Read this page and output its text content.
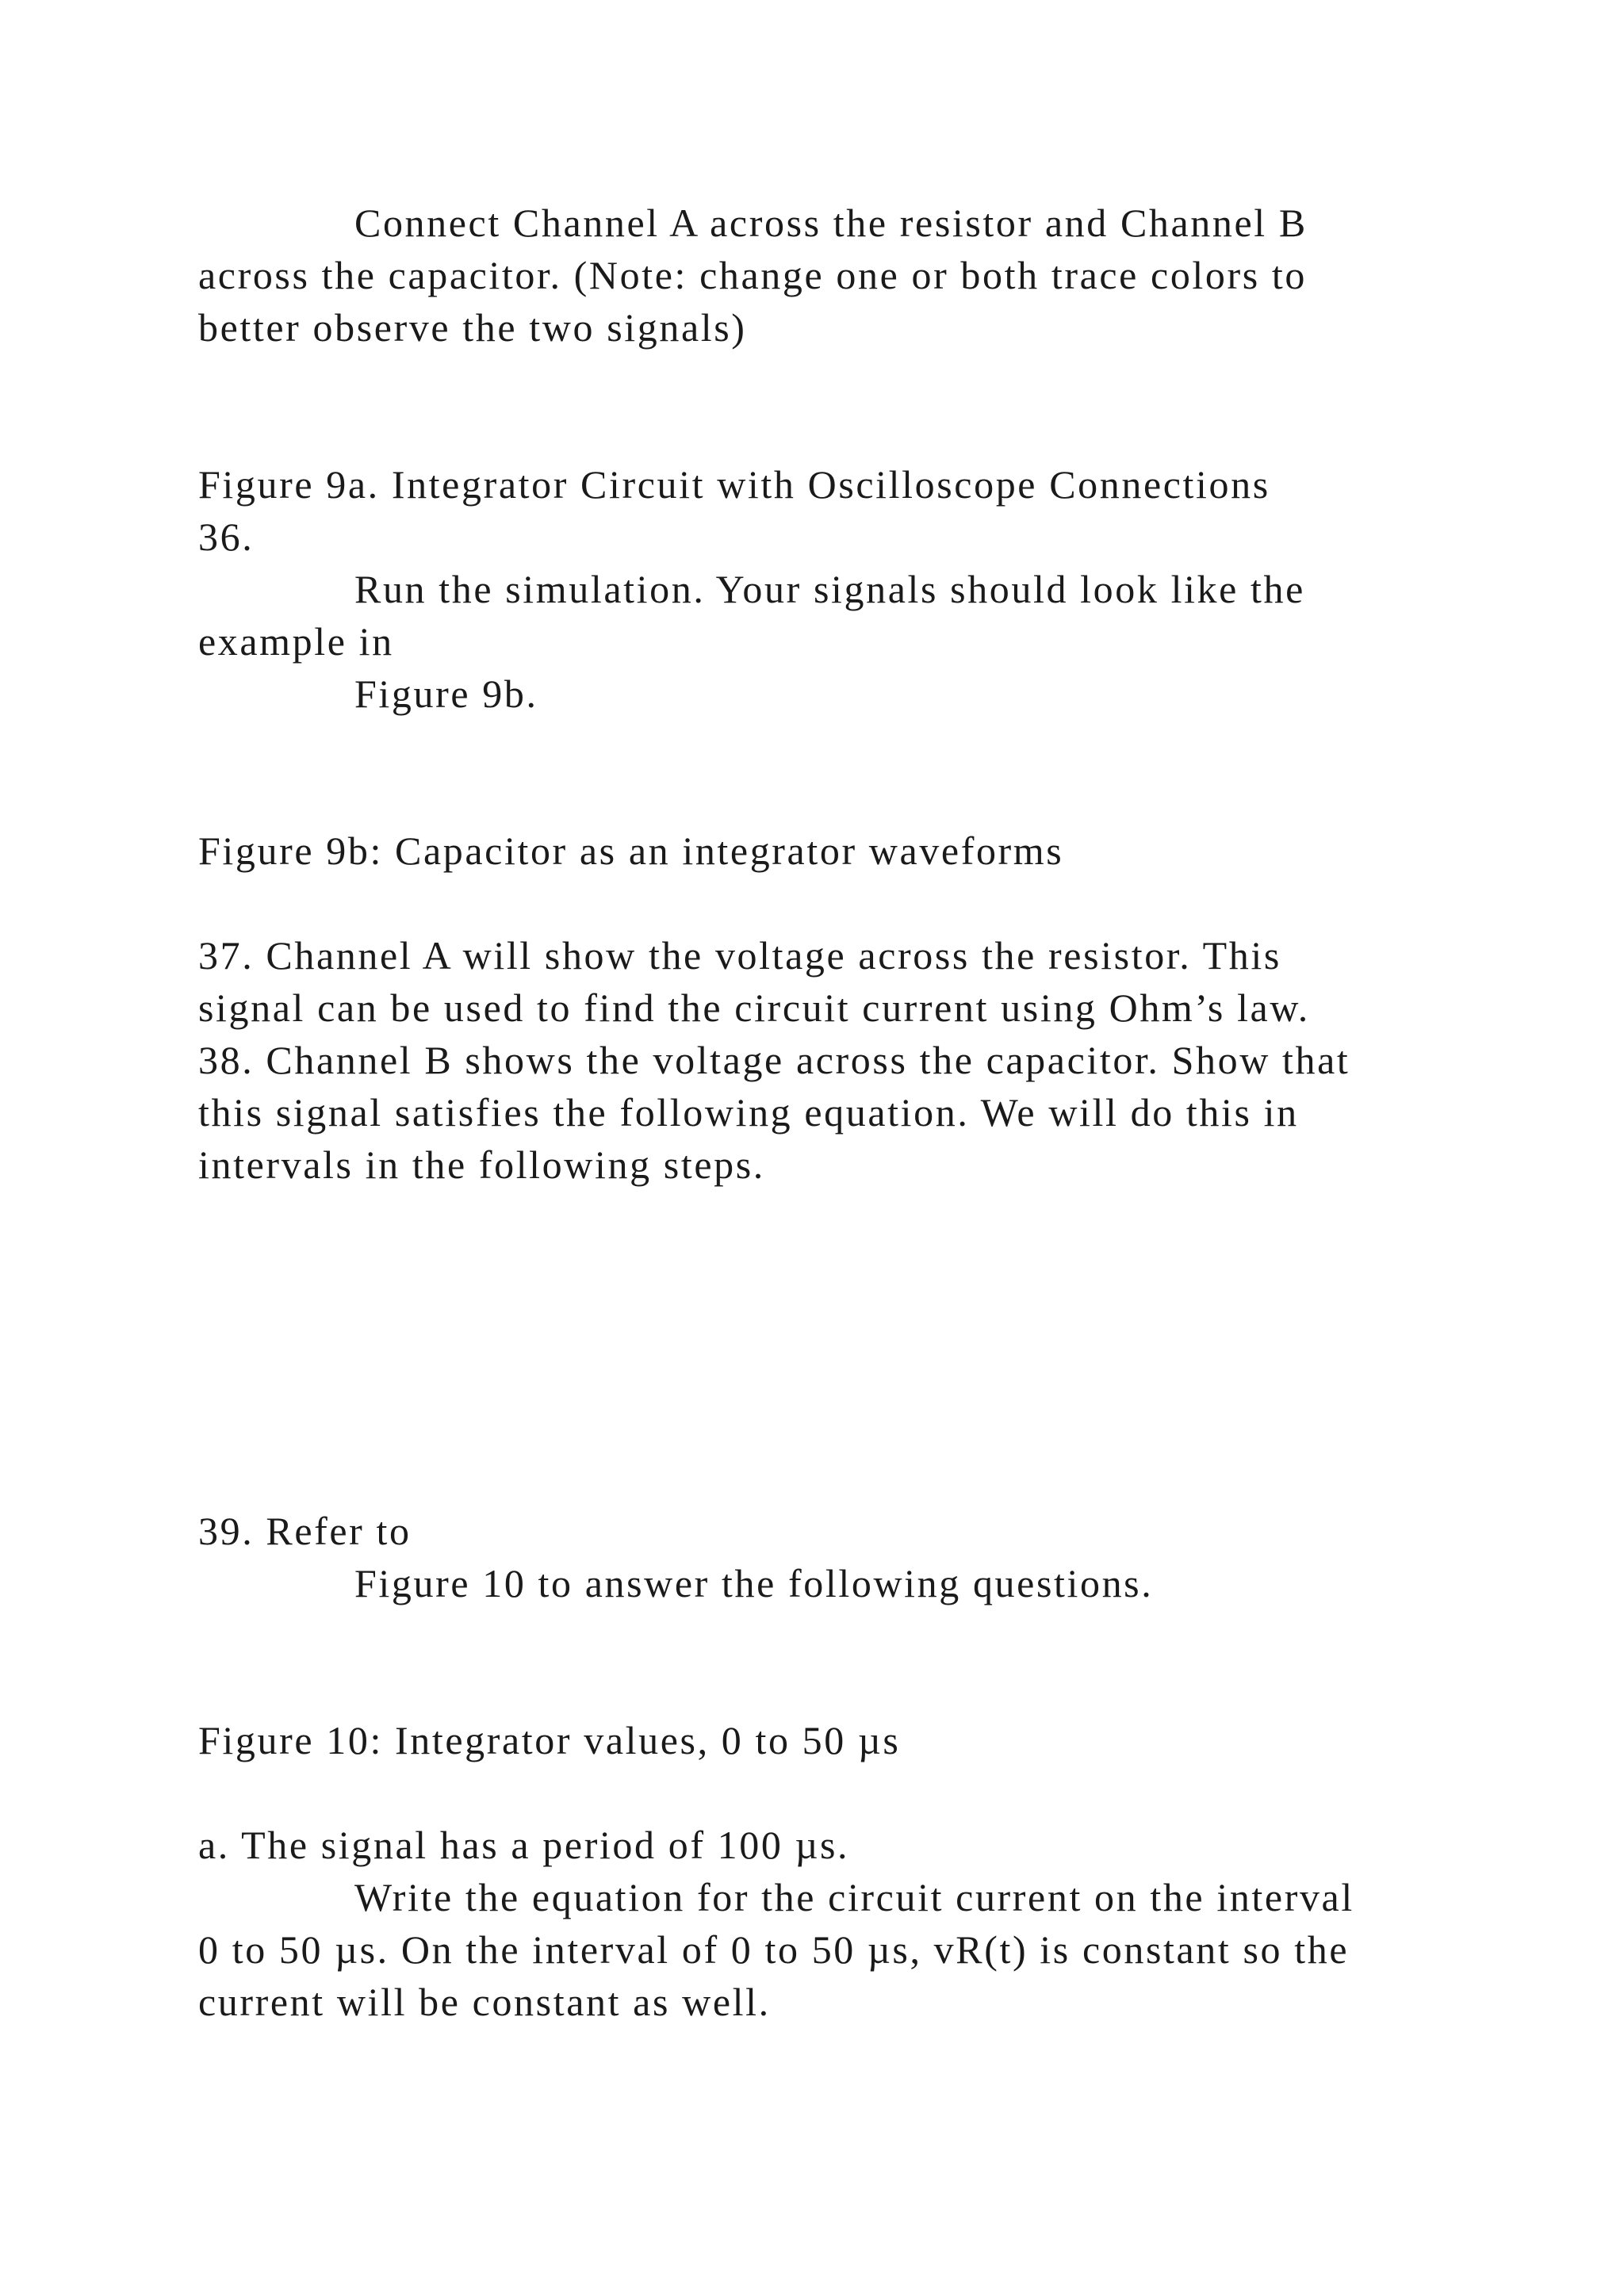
Connect Channel A across the resistor and Channel B
across the capacitor. (Note: change one or both trace colors to
better observe the two signals)
Figure 9a. Integrator Circuit with Oscilloscope Connections
36.
Run the simulation. Your signals should look like the
example in
Figure 9b.
Figure 9b: Capacitor as an integrator waveforms
37. Channel A will show the voltage across the resistor. This
signal can be used to find the circuit current using Ohm’s law.
38. Channel B shows the voltage across the capacitor. Show that
this signal satisfies the following equation. We will do this in
intervals in the following steps.
39. Refer to
Figure 10 to answer the following questions.
Figure 10: Integrator values, 0 to 50 µs
a. The signal has a period of 100 µs.
Write the equation for the circuit current on the interval
0 to 50 µs. On the interval of 0 to 50 µs, vR(t) is constant so the
current will be constant as well.
